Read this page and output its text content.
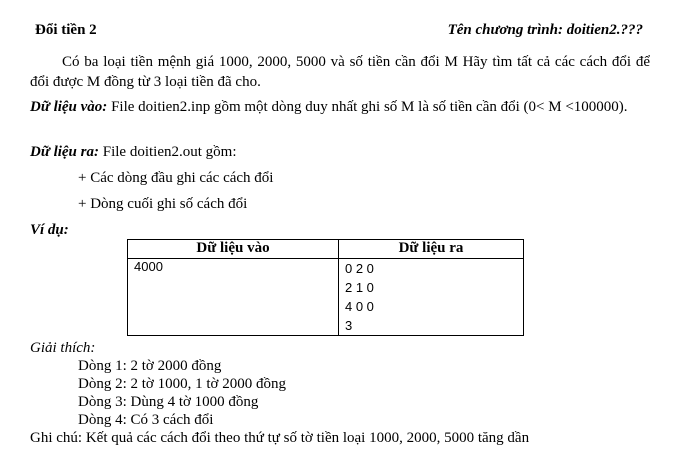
Đổi tiền 2	Tên chương trình: doitien2.???
Có ba loại tiền mệnh giá 1000, 2000, 5000 và số tiền cần đổi M Hãy tìm tất cả các cách đổi để đổi được M đồng từ 3 loại tiền đã cho.
Dữ liệu vào: File doitien2.inp gồm một dòng duy nhất ghi số M là số tiền cần đổi (0< M <100000).
Dữ liệu ra: File doitien2.out gồm:
+ Các dòng đầu ghi các cách đổi
+ Dòng cuối ghi số cách đổi
Ví dụ:
Dữ liệu vào	Dữ liệu ra
4000	0 2 0
2 1 0
4 0 0
3
Giải thích:
Dòng 1: 2 tờ 2000 đồng
Dòng 2: 2 tờ 1000, 1 tờ 2000 đồng
Dòng 3: Dùng 4 tờ 1000 đồng
Dòng 4: Có 3 cách đổi
Ghi chú: Kết quả các cách đổi theo thứ tự số tờ tiền loại 1000, 2000, 5000 tăng dần
